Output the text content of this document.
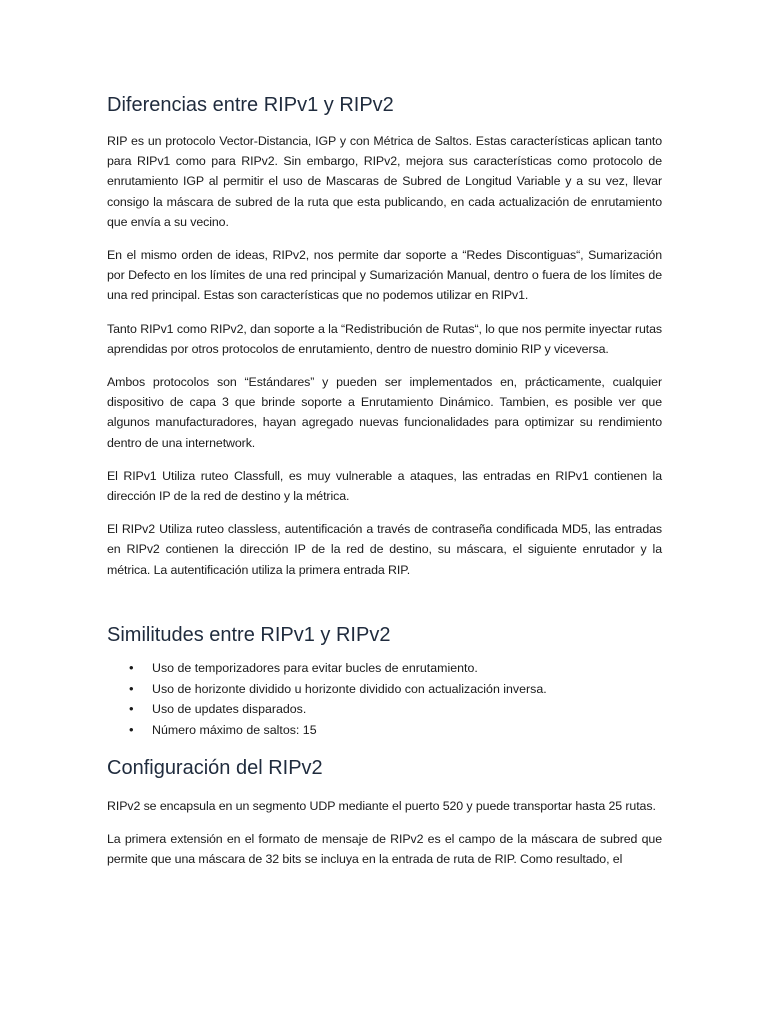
Diferencias entre RIPv1 y RIPv2

RIP es un protocolo Vector-Distancia, IGP y con Métrica de Saltos. Estas características aplican tanto para RIPv1 como para RIPv2. Sin embargo, RIPv2, mejora sus características como protocolo de enrutamiento IGP al permitir el uso de Mascaras de Subred de Longitud Variable y a su vez, llevar consigo la máscara de subred de la ruta que esta publicando, en cada actualización de enrutamiento que envía a su vecino.

En el mismo orden de ideas, RIPv2, nos permite dar soporte a “Redes Discontiguas“, Sumarización por Defecto en los límites de una red principal y Sumarización Manual, dentro o fuera de los límites de una red principal. Estas son características que no podemos utilizar en RIPv1.

Tanto RIPv1 como RIPv2, dan soporte a la “Redistribución de Rutas“, lo que nos permite inyectar rutas aprendidas por otros protocolos de enrutamiento, dentro de nuestro dominio RIP y viceversa.

Ambos protocolos son “Estándares” y pueden ser implementados en, prácticamente, cualquier dispositivo de capa 3 que brinde soporte a Enrutamiento Dinámico. Tambien, es posible ver que algunos manufacturadores, hayan agregado nuevas funcionalidades para optimizar su rendimiento dentro de una internetwork.

El RIPv1 Utiliza ruteo Classfull, es muy vulnerable a ataques, las entradas en RIPv1 contienen la dirección IP de la red de destino y la métrica.

El RIPv2 Utiliza ruteo classless, autentificación a través de contraseña condificada MD5, las entradas en RIPv2 contienen la dirección IP de la red de destino, su máscara, el siguiente enrutador y la métrica. La autentificación utiliza la primera entrada RIP.

Similitudes entre RIPv1 y RIPv2
• Uso de temporizadores para evitar bucles de enrutamiento.
• Uso de horizonte dividido u horizonte dividido con actualización inversa.
• Uso de updates disparados.
• Número máximo de saltos: 15
Configuración del RIPv2

RIPv2 se encapsula en un segmento UDP mediante el puerto 520 y puede transportar hasta 25 rutas.

La primera extensión en el formato de mensaje de RIPv2 es el campo de la máscara de subred que permite que una máscara de 32 bits se incluya en la entrada de ruta de RIP. Como resultado, el
